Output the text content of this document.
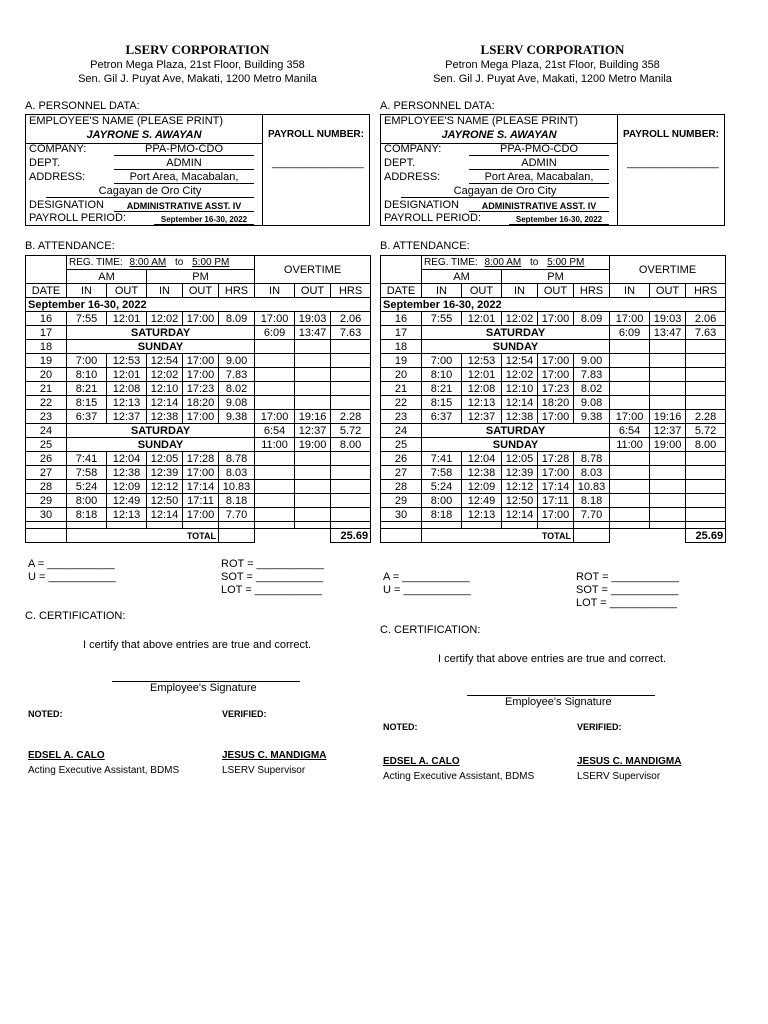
LSERV CORPORATION
Petron Mega Plaza, 21st Floor, Building 358
Sen. Gil J. Puyat Ave, Makati, 1200 Metro Manila
A. PERSONNEL DATA:
EMPLOYEE'S NAME (PLEASE PRINT)
JAYRONE S. AWAYAN	PAYROLL NUMBER:
_______________
COMPANY:	PPA-PMO-CDO
DEPT.	ADMIN
ADDRESS:	Port Area, Macabalan,
Cagayan de Oro City
DESIGNATION	ADMINISTRATIVE ASST. IV
PAYROLL PERIOD:	September 16-30, 2022
B. ATTENDANCE:
	REG. TIME: 8:00 AM to 5:00 PM					OVERTIME		
	AM		PM					
DATE	IN	OUT	IN	OUT	HRS	IN	OUT	HRS
September 16-30, 2022								
16	7:55	12:01	12:02	17:00	8.09	17:00	19:03	2.06
17	SATURDAY					6:09	13:47	7.63
18	SUNDAY							
19	7:00	12:53	12:54	17:00	9.00			
20	8:10	12:01	12:02	17:00	7.83			
21	8:21	12:08	12:10	17:23	8.02			
22	8:15	12:13	12:14	18:20	9.08			
23	6:37	12:37	12:38	17:00	9.38	17:00	19:16	2.28
24	SATURDAY					6:54	12:37	5.72
25	SUNDAY					11:00	19:00	8.00
26	7:41	12:04	12:05	17:28	8.78			
27	7:58	12:38	12:39	17:00	8.03			
28	5:24	12:09	12:12	17:14	10.83			
29	8:00	12:49	12:50	17:11	8.18			
30	8:18	12:13	12:14	17:00	7.70			

	TOTAL							25.69
A = ___________
U = ___________
ROT = ___________
SOT = ___________
LOT = ___________
C. CERTIFICATION:
I certify that above entries are true and correct.
Employee's Signature
NOTED:	VERIFIED:
EDSEL A. CALO
Acting Executive Assistant, BDMS
JESUS C. MANDIGMA
LSERV Supervisor
LSERV CORPORATION
Petron Mega Plaza, 21st Floor, Building 358
Sen. Gil J. Puyat Ave, Makati, 1200 Metro Manila
A. PERSONNEL DATA:
EMPLOYEE'S NAME (PLEASE PRINT)
JAYRONE S. AWAYAN	PAYROLL NUMBER:
_______________
COMPANY:	PPA-PMO-CDO
DEPT.	ADMIN
ADDRESS:	Port Area, Macabalan,
Cagayan de Oro City
DESIGNATION	ADMINISTRATIVE ASST. IV
PAYROLL PERIOD:	September 16-30, 2022
B. ATTENDANCE:
	REG. TIME: 8:00 AM to 5:00 PM					OVERTIME		
	AM		PM					
DATE	IN	OUT	IN	OUT	HRS	IN	OUT	HRS
September 16-30, 2022								
16	7:55	12:01	12:02	17:00	8.09	17:00	19:03	2.06
17	SATURDAY					6:09	13:47	7.63
18	SUNDAY							
19	7:00	12:53	12:54	17:00	9.00			
20	8:10	12:01	12:02	17:00	7.83			
21	8:21	12:08	12:10	17:23	8.02			
22	8:15	12:13	12:14	18:20	9.08			
23	6:37	12:37	12:38	17:00	9.38	17:00	19:16	2.28
24	SATURDAY					6:54	12:37	5.72
25	SUNDAY					11:00	19:00	8.00
26	7:41	12:04	12:05	17:28	8.78			
27	7:58	12:38	12:39	17:00	8.03			
28	5:24	12:09	12:12	17:14	10.83			
29	8:00	12:49	12:50	17:11	8.18			
30	8:18	12:13	12:14	17:00	7.70			

	TOTAL							25.69
A = ___________
U = ___________
ROT = ___________
SOT = ___________
LOT = ___________
C. CERTIFICATION:
I certify that above entries are true and correct.
Employee's Signature
NOTED:	VERIFIED:
EDSEL A. CALO
Acting Executive Assistant, BDMS
JESUS C. MANDIGMA
LSERV Supervisor
